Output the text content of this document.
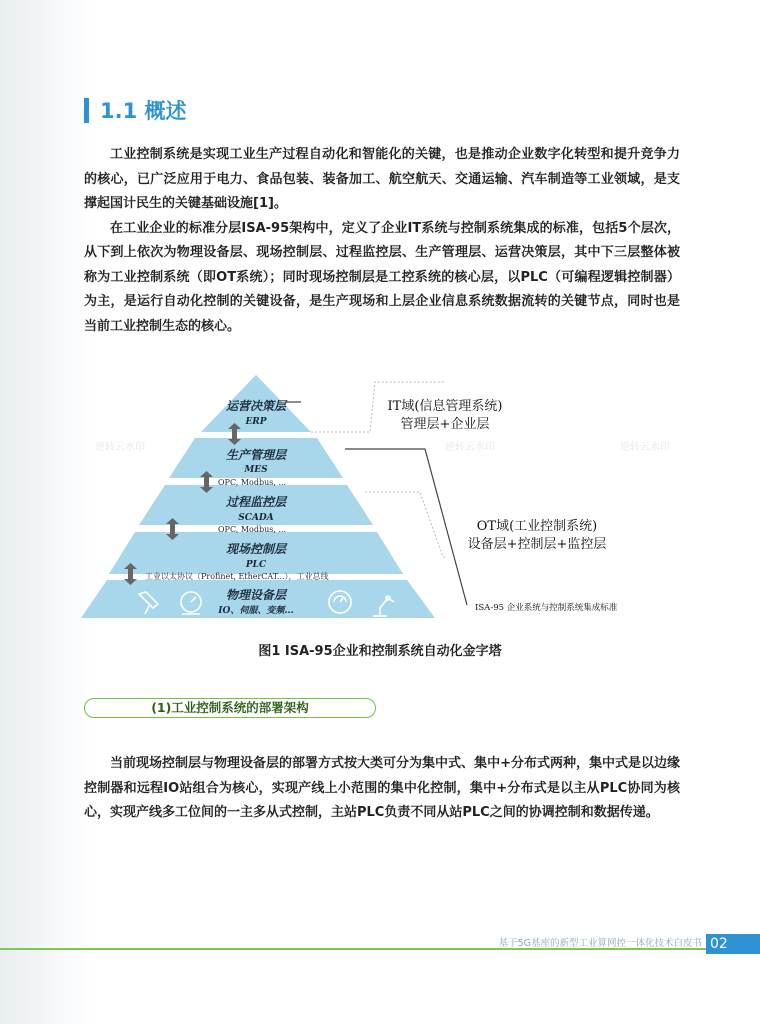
1.1 概述
工业控制系统是实现工业生产过程自动化和智能化的关键，也是推动企业数字化转型和提升竞争力的核心，已广泛应用于电力、食品包装、装备加工、航空航天、交通运输、汽车制造等工业领域，是支撑起国计民生的关键基础设施[1]。
在工业企业的标准分层ISA-95架构中，定义了企业IT系统与控制系统集成的标准，包括5个层次，从下到上依次为物理设备层、现场控制层、过程监控层、生产管理层、运营决策层，其中下三层整体被称为工业控制系统（即OT系统）；同时现场控制层是工控系统的核心层，以PLC（可编程逻辑控制器）为主，是运行自动化控制的关键设备，是生产现场和上层企业信息系统数据流转的关键节点，同时也是当前工业控制生态的核心。
运营决策层
ERP
生产管理层
MES
过程监控层
SCADA
现场控制层
PLC
物理设备层
IO、伺服、变频...
OPC, Modbus, ...
OPC, Modbus, ...
工业以太协议（Profinet, EtherCAT...），工业总线
IT域(信息管理系统)
管理层+企业层
OT域(工业控制系统)
设备层+控制层+监控层
ISA-95 企业系统与控制系统集成标准
逆转云水印	逆转云水印	逆转云水印
图1 ISA-95企业和控制系统自动化金字塔
(1)工业控制系统的部署架构
当前现场控制层与物理设备层的部署方式按大类可分为集中式、集中+分布式两种，集中式是以边缘控制器和远程IO站组合为核心，实现产线上小范围的集中化控制，集中+分布式是以主从PLC协同为核心，实现产线多工位间的一主多从式控制，主站PLC负责不同从站PLC之间的协调控制和数据传递。
基于5G基座的新型工业算网控一体化技术白皮书 02
